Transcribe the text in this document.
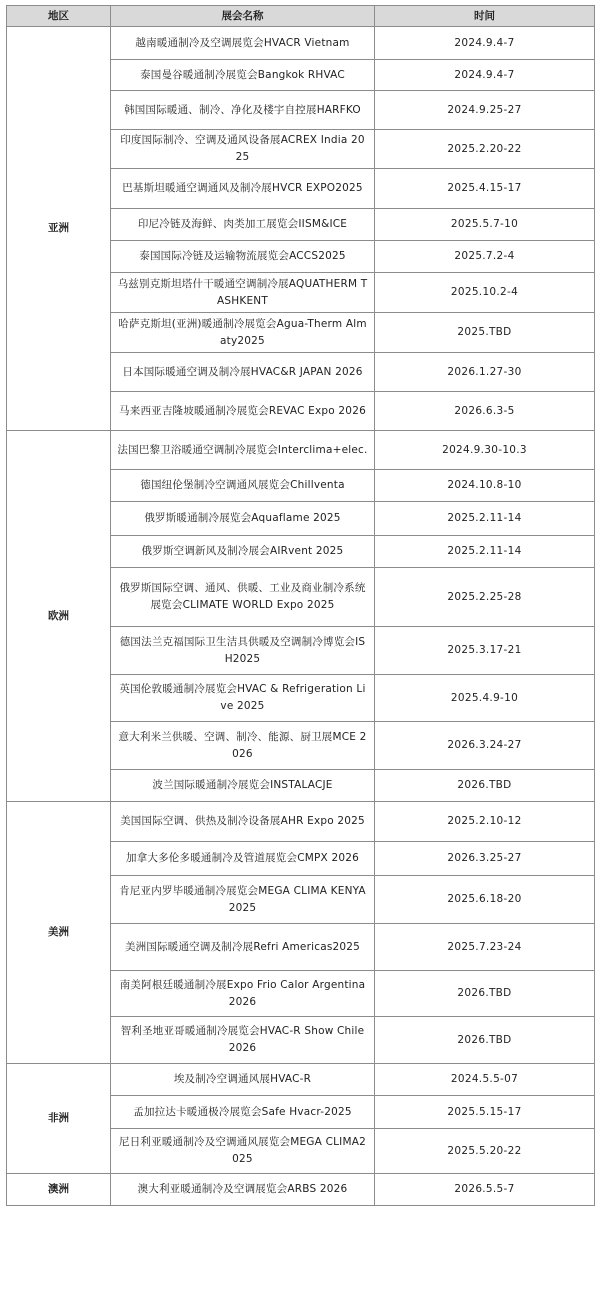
地区	展会名称	时间
亚洲	越南暖通制冷及空调展览会HVACR Vietnam	2024.9.4-7
	泰国曼谷暖通制冷展览会Bangkok RHVAC	2024.9.4-7
	韩国国际暖通、制冷、净化及楼宇自控展HARFKO	2024.9.25-27
	印度国际制冷、空调及通风设备展ACREX India 2025	2025.2.20-22
	巴基斯坦暖通空调通风及制冷展HVCR EXPO2025	2025.4.15-17
	印尼冷链及海鲜、肉类加工展览会IISM&ICE	2025.5.7-10
	泰国国际冷链及运输物流展览会ACCS2025	2025.7.2-4
	乌兹别克斯坦塔什干暖通空调制冷展AQUATHERM TASHKENT	2025.10.2-4
	哈萨克斯坦(亚洲)暖通制冷展览会Agua-Therm Almaty2025	2025.TBD
	日本国际暖通空调及制冷展HVAC&R JAPAN 2026	2026.1.27-30
	马来西亚吉隆坡暖通制冷展览会REVAC Expo 2026	2026.6.3-5
欧洲	法国巴黎卫浴暖通空调制冷展览会Interclima+elec.	2024.9.30-10.3
	德国纽伦堡制冷空调通风展览会Chillventa	2024.10.8-10
	俄罗斯暖通制冷展览会Aquaflame 2025	2025.2.11-14
	俄罗斯空调新风及制冷展会AIRvent 2025	2025.2.11-14
	俄罗斯国际空调、通风、供暖、工业及商业制冷系统展览会CLIMATE WORLD Expo 2025	2025.2.25-28
	德国法兰克福国际卫生洁具供暖及空调制冷博览会ISH2025	2025.3.17-21
	英国伦敦暖通制冷展览会HVAC & Refrigeration Live 2025	2025.4.9-10
	意大利米兰供暖、空调、制冷、能源、厨卫展MCE 2026	2026.3.24-27
	波兰国际暖通制冷展览会INSTALACJE	2026.TBD
美洲	美国国际空调、供热及制冷设备展AHR Expo 2025	2025.2.10-12
	加拿大多伦多暖通制冷及管道展览会CMPX 2026	2026.3.25-27
	肯尼亚内罗毕暖通制冷展览会MEGA CLIMA KENYA 2025	2025.6.18-20
	美洲国际暖通空调及制冷展Refri Americas2025	2025.7.23-24
	南美阿根廷暖通制冷展Expo Frio Calor Argentina2026	2026.TBD
	智利圣地亚哥暖通制冷展览会HVAC-R Show Chile 2026	2026.TBD
非洲	埃及制冷空调通风展HVAC-R	2024.5.5-07
	孟加拉达卡暖通极冷展览会Safe Hvacr-2025	2025.5.15-17
	尼日利亚暖通制冷及空调通风展览会MEGA CLIMA2025	2025.5.20-22
澳洲	澳大利亚暖通制冷及空调展览会ARBS 2026	2026.5.5-7
